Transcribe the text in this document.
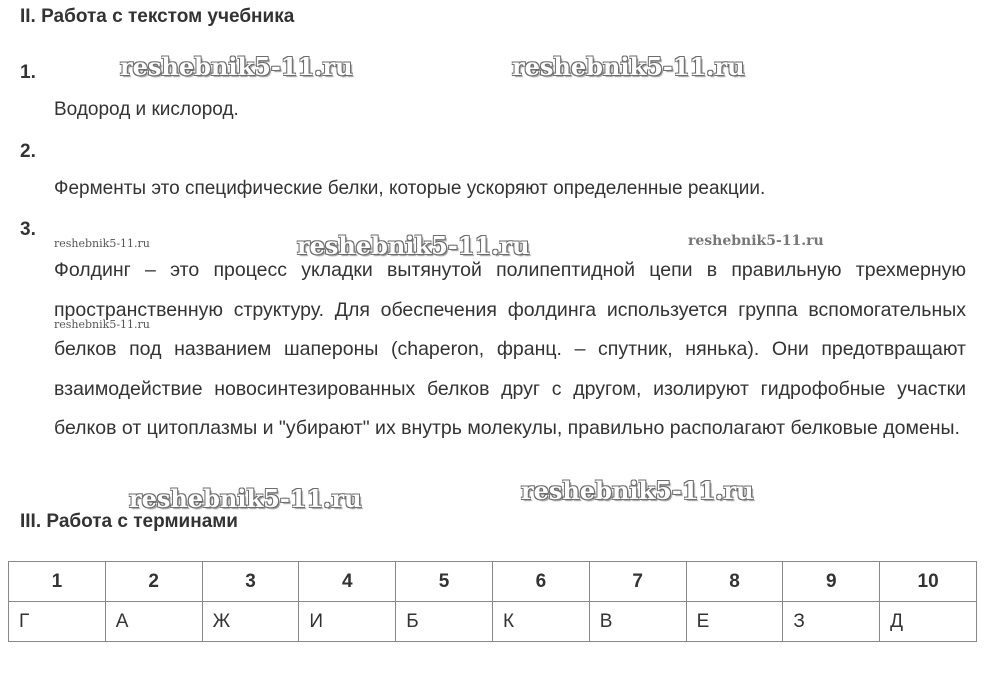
II. Работа с текстом учебника
1.	reshebnik5-11.ru	reshebnik5-11.ru
Водород и кислород.
2.
Ферменты это специфические белки, которые ускоряют определенные реакции.
3.
reshebnik5-11.ru	reshebnik5-11.ru	reshebnik5-11.ru
reshebnik5-11.ru
Фолдинг – это процесс укладки вытянутой полипептидной цепи в правильную трехмерную пространственную структуру. Для обеспечения фолдинга используется группа вспомогательных белков под названием шапероны (chaperon, франц. – спутник, нянька). Они предотвращают взаимодействие новосинтезированных белков друг с другом, изолируют гидрофобные участки белков от цитоплазмы и "убирают" их внутрь молекулы, правильно располагают белковые домены.
reshebnik5-11.ru	reshebnik5-11.ru
III. Работа с терминами
1	2	3	4	5	6	7	8	9	10
Г	А	Ж	И	Б	К	В	Е	З	Д
